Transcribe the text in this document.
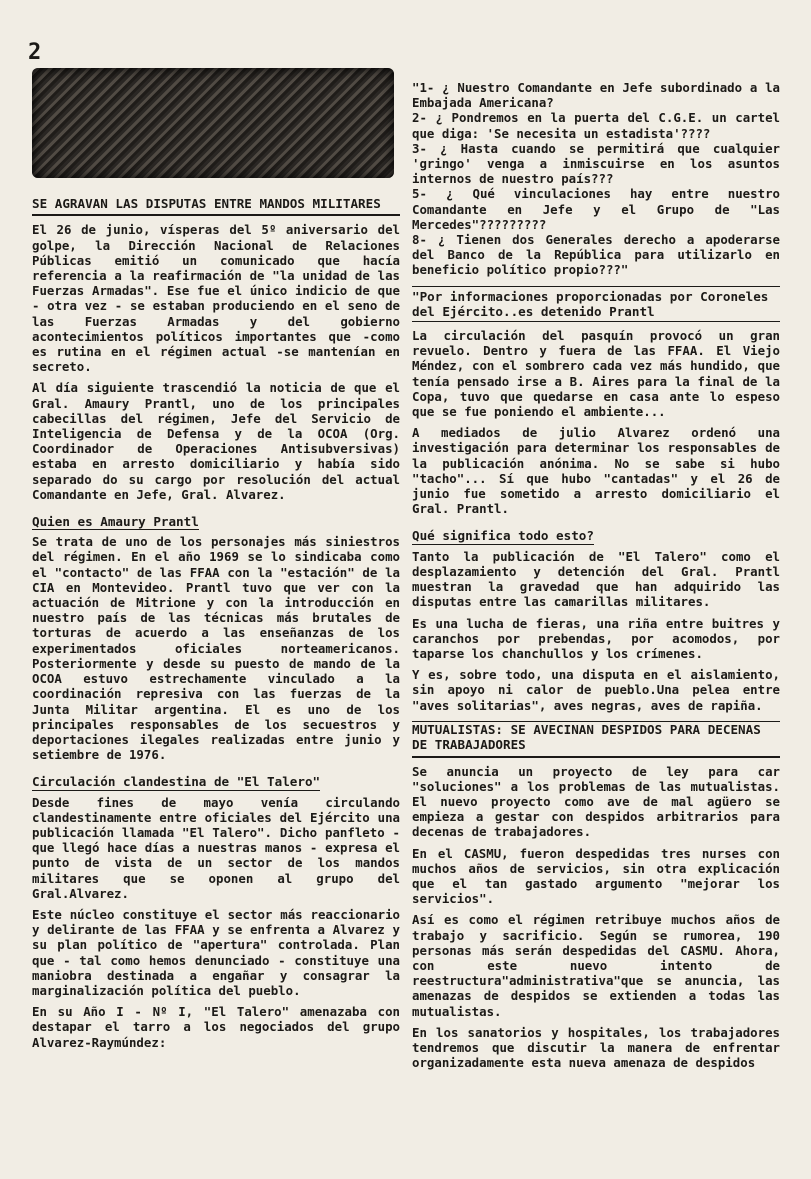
2
SE AGRAVAN LAS DISPUTAS ENTRE MANDOS MILITARES

El 26 de junio, vísperas del 5º aniversario del golpe, la Dirección Nacional de Relaciones Públicas emitió un comunicado que hacía referencia a la reafirmación de "la unidad de las Fuerzas Armadas". Ese fue el único indicio de que - otra vez - se estaban produciendo en el seno de las Fuerzas Armadas y del gobierno acontecimientos políticos importantes que -como es rutina en el régimen actual -se mantenían en secreto.

Al día siguiente trascendió la noticia de que el Gral. Amaury Prantl, uno de los principales cabecillas del régimen, Jefe del Servicio de Inteligencia de Defensa y de la OCOA (Org. Coordinador de Operaciones Antisubversivas) estaba en arresto domiciliario y había sido separado do su cargo por resolución del actual Comandante en Jefe, Gral. Alvarez.

Quien es Amaury Prantl

Se trata de uno de los personajes más siniestros del régimen. En el año 1969 se lo sindicaba como el "contacto" de las FFAA con la "estación" de la CIA en Montevideo. Prantl tuvo que ver con la actuación de Mitrione y con la introducción en nuestro país de las técnicas más brutales de torturas de acuerdo a las enseñanzas de los experimentados oficiales norteamericanos. Posteriormente y desde su puesto de mando de la OCOA estuvo estrechamente vinculado a la coordinación represiva con las fuerzas de la Junta Militar argentina. El es uno de los principales responsables de los secuestros y deportaciones ilegales realizadas entre junio y setiembre de 1976.

Circulación clandestina de "El Talero"

Desde fines de mayo venía circulando clandestinamente entre oficiales del Ejército una publicación llamada "El Talero". Dicho panfleto - que llegó hace días a nuestras manos - expresa el punto de vista de un sector de los mandos militares que se oponen al grupo del Gral.Alvarez.

Este núcleo constituye el sector más reaccionario y delirante de las FFAA y se enfrenta a Alvarez y su plan político de "apertura" controlada. Plan que - tal como hemos denunciado - constituye una maniobra destinada a engañar y consagrar la marginalización política del pueblo.

En su Año I - Nº I, "El Talero" amenazaba con destapar el tarro a los negociados del grupo Alvarez-Raymúndez:

"1- ¿ Nuestro Comandante en Jefe subordinado a la Embajada Americana?

2- ¿ Pondremos en la puerta del C.G.E. un cartel que diga: 'Se necesita un estadista'????

3- ¿ Hasta cuando se permitirá que cualquier 'gringo' venga a inmiscuirse en los asuntos internos de nuestro país???

5- ¿ Qué vinculaciones hay entre nuestro Comandante en Jefe y el Grupo de "Las Mercedes"?????????

8- ¿ Tienen dos Generales derecho a apoderarse del Banco de la República para utilizarlo en beneficio político propio???"

"Por informaciones proporcionadas por Coroneles del Ejército..es detenido Prantl

La circulación del pasquín provocó un gran revuelo. Dentro y fuera de las FFAA. El Viejo Méndez, con el sombrero cada vez más hundido, que tenía pensado irse a B. Aires para la final de la Copa, tuvo que quedarse en casa ante lo espeso que se fue poniendo el ambiente...

A mediados de julio Alvarez ordenó una investigación para determinar los responsables de la publicación anónima. No se sabe si hubo "tacho"... Sí que hubo "cantadas" y el 26 de junio fue sometido a arresto domiciliario el Gral. Prantl.

Qué significa todo esto?

Tanto la publicación de "El Talero" como el desplazamiento y detención del Gral. Prantl muestran la gravedad que han adquirido las disputas entre las camarillas militares.

Es una lucha de fieras, una riña entre buitres y caranchos por prebendas, por acomodos, por taparse los chanchullos y los crímenes.

Y es, sobre todo, una disputa en el aislamiento, sin apoyo ni calor de pueblo.Una pelea entre "aves solitarias", aves negras, aves de rapiña.

MUTUALISTAS: SE AVECINAN DESPIDOS PARA DECENAS DE TRABAJADORES

Se anuncia un proyecto de ley para car "soluciones" a los problemas de las mutualistas. El nuevo proyecto como ave de mal agüero se empieza a gestar con despidos arbitrarios para decenas de trabajadores.

En el CASMU, fueron despedidas tres nurses con muchos años de servicios, sin otra explicación que el tan gastado argumento "mejorar los servicios".

Así es como el régimen retribuye muchos años de trabajo y sacrificio. Según se rumorea, 190 personas más serán despedidas del CASMU. Ahora, con este nuevo intento de reestructura"administrativa"que se anuncia, las amenazas de despidos se extienden a todas las mutualistas.

En los sanatorios y hospitales, los trabajadores tendremos que discutir la manera de enfrentar organizadamente esta nueva amenaza de despidos
